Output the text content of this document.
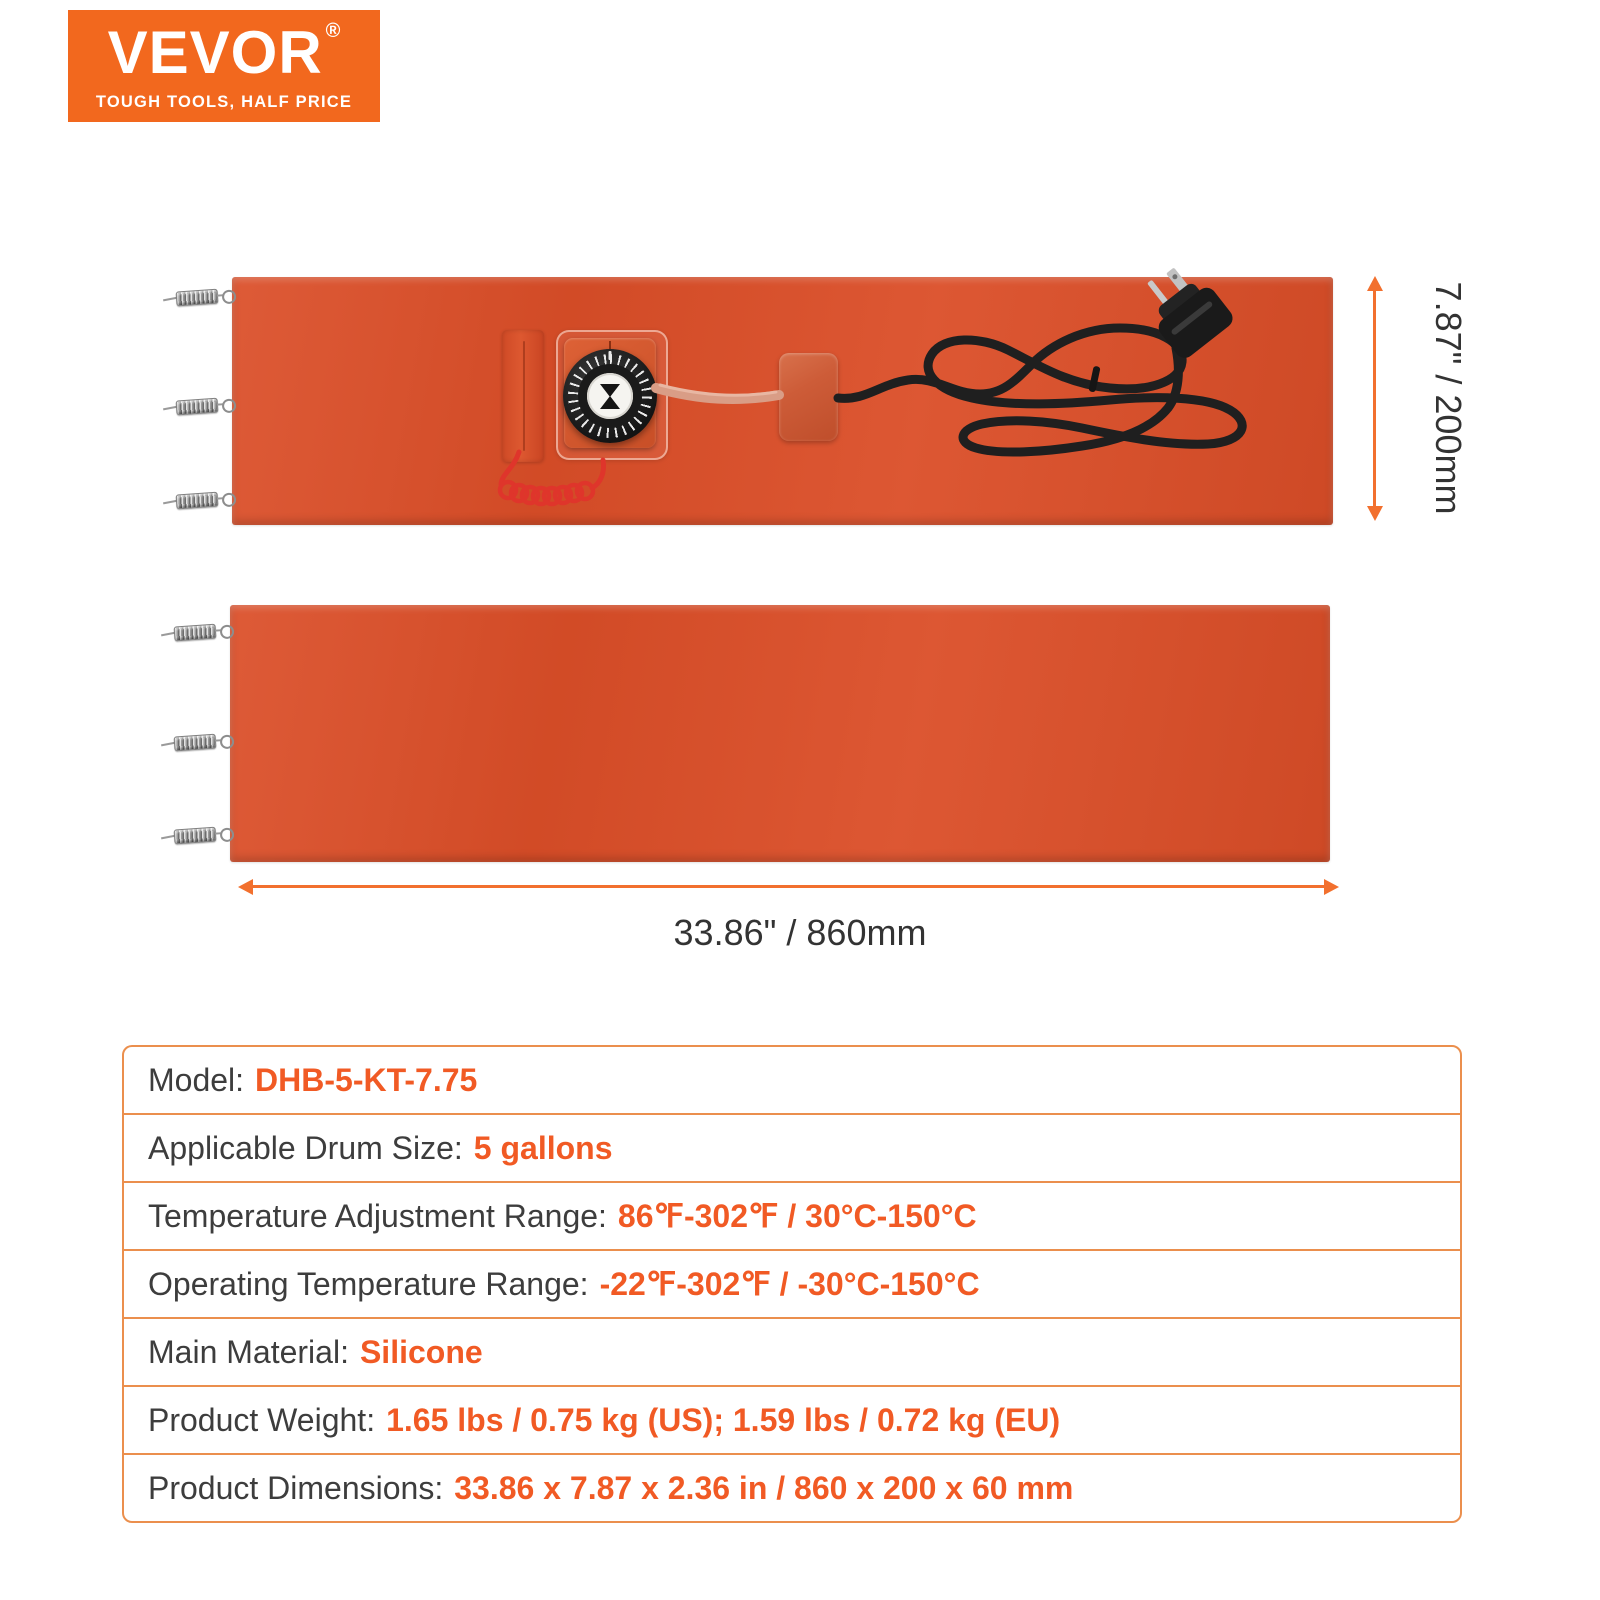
VEVOR ®
TOUGH TOOLS, HALF PRICE
7.87" / 200mm
33.86" / 860mm
Model: DHB-5-KT-7.75
Applicable Drum Size: 5 gallons
Temperature Adjustment Range: 86℉-302℉ / 30°C-150°C
Operating Temperature Range: -22℉-302℉ / -30°C-150°C
Main Material: Silicone
Product Weight: 1.65 lbs / 0.75 kg (US); 1.59 lbs / 0.72 kg (EU)
Product Dimensions: 33.86 x 7.87 x 2.36 in / 860 x 200 x 60 mm
